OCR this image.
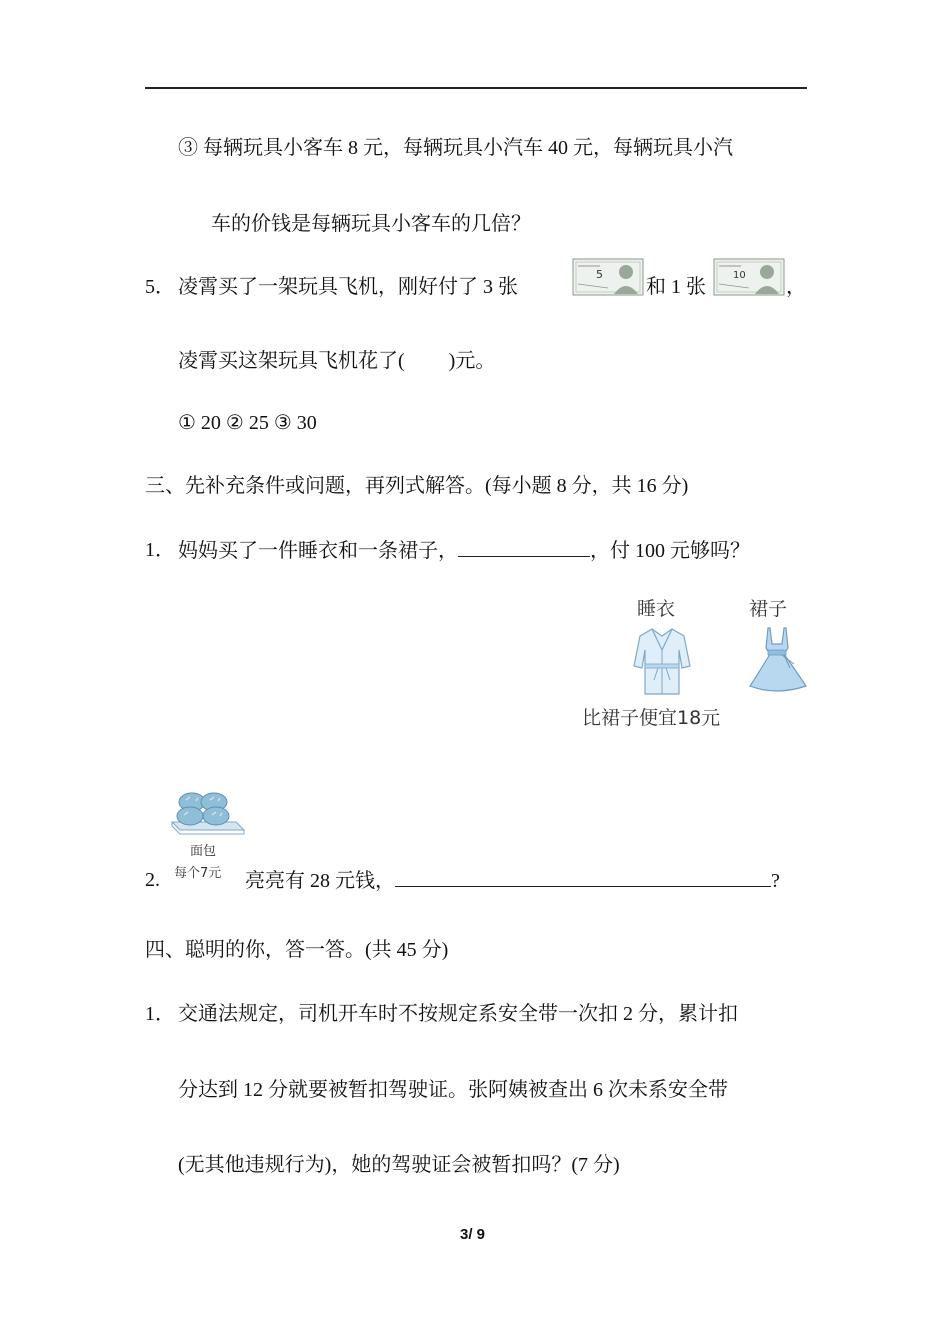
③ 每辆玩具小客车 8 元，每辆玩具小汽车 40 元，每辆玩具小汽
车的价钱是每辆玩具小客车的几倍？
5． 凌霄买了一架玩具飞机，刚好付了 3 张
5
和 1 张
10
，
凌霄买这架玩具飞机花了( )元。
① 20 ② 25 ③ 30
三、先补充条件或问题，再列式解答。(每小题 8 分，共 16 分)
1． 妈妈买了一件睡衣和一条裙子，	，付 100 元够吗？
睡衣	裙子
比裙子便宜18元
面包
每个7元
2.	亮亮有 28 元钱，	?
四、聪明的你，答一答。(共 45 分)
1． 交通法规定，司机开车时不按规定系安全带一次扣 2 分，累计扣
分达到 12 分就要被暂扣驾驶证。张阿姨被查出 6 次未系安全带
(无其他违规行为)，她的驾驶证会被暂扣吗？(7 分)
3/ 9
